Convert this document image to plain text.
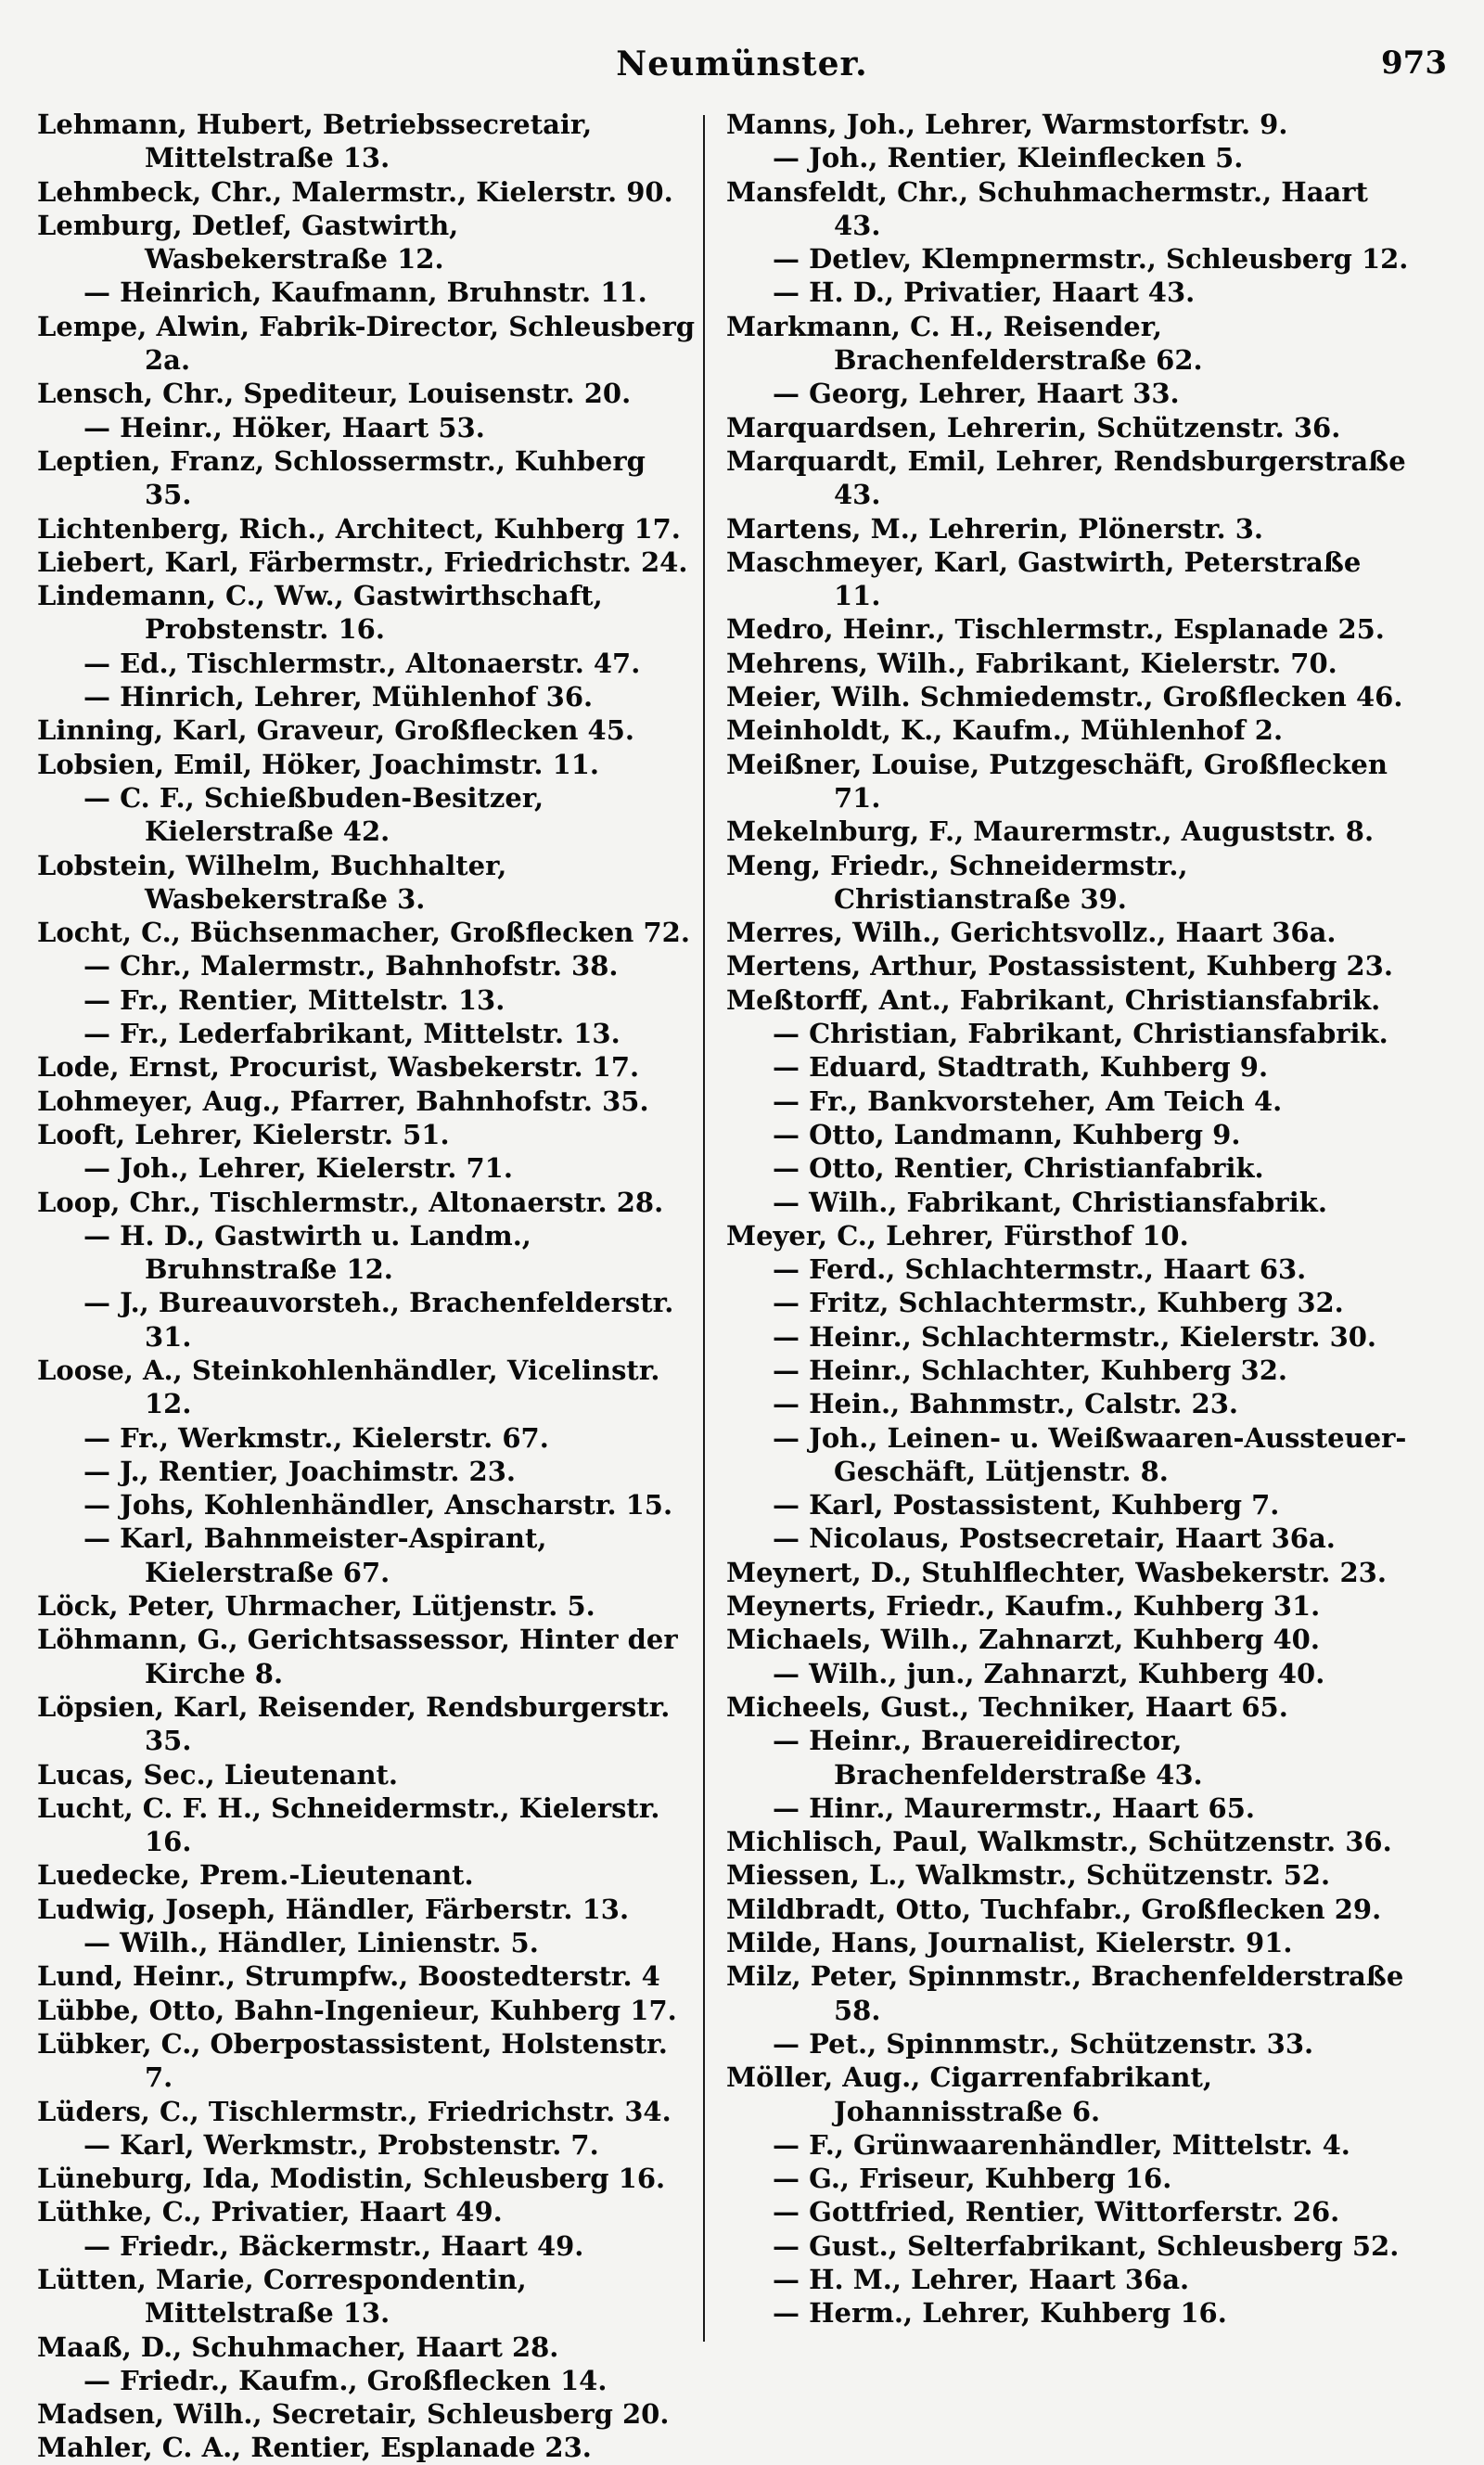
Neumünster.	973

Lehmann, Hubert, Betriebssecretair, Mittelstraße 13.

Lehmbeck, Chr., Malermstr., Kielerstr. 90.

Lemburg, Detlef, Gastwirth, Wasbekerstraße 12.

— Heinrich, Kaufmann, Bruhnstr. 11.

Lempe, Alwin, Fabrik-Director, Schleusberg 2a.

Lensch, Chr., Spediteur, Louisenstr. 20.

— Heinr., Höker, Haart 53.

Leptien, Franz, Schlossermstr., Kuhberg 35.

Lichtenberg, Rich., Architect, Kuhberg 17.

Liebert, Karl, Färbermstr., Friedrichstr. 24.

Lindemann, C., Ww., Gastwirthschaft, Probstenstr. 16.

— Ed., Tischlermstr., Altonaerstr. 47.

— Hinrich, Lehrer, Mühlenhof 36.

Linning, Karl, Graveur, Großflecken 45.

Lobsien, Emil, Höker, Joachimstr. 11.

— C. F., Schießbuden-Besitzer, Kielerstraße 42.

Lobstein, Wilhelm, Buchhalter, Wasbekerstraße 3.

Locht, C., Büchsenmacher, Großflecken 72.

— Chr., Malermstr., Bahnhofstr. 38.

— Fr., Rentier, Mittelstr. 13.

— Fr., Lederfabrikant, Mittelstr. 13.

Lode, Ernst, Procurist, Wasbekerstr. 17.

Lohmeyer, Aug., Pfarrer, Bahnhofstr. 35.

Looft, Lehrer, Kielerstr. 51.

— Joh., Lehrer, Kielerstr. 71.

Loop, Chr., Tischlermstr., Altonaerstr. 28.

— H. D., Gastwirth u. Landm., Bruhnstraße 12.

— J., Bureauvorsteh., Brachenfelderstr. 31.

Loose, A., Steinkohlenhändler, Vicelinstr. 12.

— Fr., Werkmstr., Kielerstr. 67.

— J., Rentier, Joachimstr. 23.

— Johs, Kohlenhändler, Anscharstr. 15.

— Karl, Bahnmeister-Aspirant, Kielerstraße 67.

Löck, Peter, Uhrmacher, Lütjenstr. 5.

Löhmann, G., Gerichtsassessor, Hinter der Kirche 8.

Löpsien, Karl, Reisender, Rendsburgerstr. 35.

Lucas, Sec., Lieutenant.

Lucht, C. F. H., Schneidermstr., Kielerstr. 16.

Luedecke, Prem.-Lieutenant.

Ludwig, Joseph, Händler, Färberstr. 13.

— Wilh., Händler, Linienstr. 5.

Lund, Heinr., Strumpfw., Boostedterstr. 4

Lübbe, Otto, Bahn-Ingenieur, Kuhberg 17.

Lübker, C., Oberpostassistent, Holstenstr. 7.

Lüders, C., Tischlermstr., Friedrichstr. 34.

— Karl, Werkmstr., Probstenstr. 7.

Lüneburg, Ida, Modistin, Schleusberg 16.

Lüthke, C., Privatier, Haart 49.

— Friedr., Bäckermstr., Haart 49.

Lütten, Marie, Correspondentin, Mittelstraße 13.

Maaß, D., Schuhmacher, Haart 28.

— Friedr., Kaufm., Großflecken 14.

Madsen, Wilh., Secretair, Schleusberg 20.

Mahler, C. A., Rentier, Esplanade 23.

Manns, Joh., Lehrer, Warmstorfstr. 9.

— Joh., Rentier, Kleinflecken 5.

Mansfeldt, Chr., Schuhmachermstr., Haart 43.

— Detlev, Klempnermstr., Schleusberg 12.

— H. D., Privatier, Haart 43.

Markmann, C. H., Reisender, Brachenfelderstraße 62.

— Georg, Lehrer, Haart 33.

Marquardsen, Lehrerin, Schützenstr. 36.

Marquardt, Emil, Lehrer, Rendsburgerstraße 43.

Martens, M., Lehrerin, Plönerstr. 3.

Maschmeyer, Karl, Gastwirth, Peterstraße 11.

Medro, Heinr., Tischlermstr., Esplanade 25.

Mehrens, Wilh., Fabrikant, Kielerstr. 70.

Meier, Wilh. Schmiedemstr., Großflecken 46.

Meinholdt, K., Kaufm., Mühlenhof 2.

Meißner, Louise, Putzgeschäft, Großflecken 71.

Mekelnburg, F., Maurermstr., Auguststr. 8.

Meng, Friedr., Schneidermstr., Christianstraße 39.

Merres, Wilh., Gerichtsvollz., Haart 36a.

Mertens, Arthur, Postassistent, Kuhberg 23.

Meßtorff, Ant., Fabrikant, Christiansfabrik.

— Christian, Fabrikant, Christiansfabrik.

— Eduard, Stadtrath, Kuhberg 9.

— Fr., Bankvorsteher, Am Teich 4.

— Otto, Landmann, Kuhberg 9.

— Otto, Rentier, Christianfabrik.

— Wilh., Fabrikant, Christiansfabrik.

Meyer, C., Lehrer, Fürsthof 10.

— Ferd., Schlachtermstr., Haart 63.

— Fritz, Schlachtermstr., Kuhberg 32.

— Heinr., Schlachtermstr., Kielerstr. 30.

— Heinr., Schlachter, Kuhberg 32.

— Hein., Bahnmstr., Calstr. 23.

— Joh., Leinen- u. Weißwaaren-Aussteuer-Geschäft, Lütjenstr. 8.

— Karl, Postassistent, Kuhberg 7.

— Nicolaus, Postsecretair, Haart 36a.

Meynert, D., Stuhlflechter, Wasbekerstr. 23.

Meynerts, Friedr., Kaufm., Kuhberg 31.

Michaels, Wilh., Zahnarzt, Kuhberg 40.

— Wilh., jun., Zahnarzt, Kuhberg 40.

Micheels, Gust., Techniker, Haart 65.

— Heinr., Brauereidirector, Brachenfelderstraße 43.

— Hinr., Maurermstr., Haart 65.

Michlisch, Paul, Walkmstr., Schützenstr. 36.

Miessen, L., Walkmstr., Schützenstr. 52.

Mildbradt, Otto, Tuchfabr., Großflecken 29.

Milde, Hans, Journalist, Kielerstr. 91.

Milz, Peter, Spinnmstr., Brachenfelderstraße 58.

— Pet., Spinnmstr., Schützenstr. 33.

Möller, Aug., Cigarrenfabrikant, Johannisstraße 6.

— F., Grünwaarenhändler, Mittelstr. 4.

— G., Friseur, Kuhberg 16.

— Gottfried, Rentier, Wittorferstr. 26.

— Gust., Selterfabrikant, Schleusberg 52.

— H. M., Lehrer, Haart 36a.

— Herm., Lehrer, Kuhberg 16.
